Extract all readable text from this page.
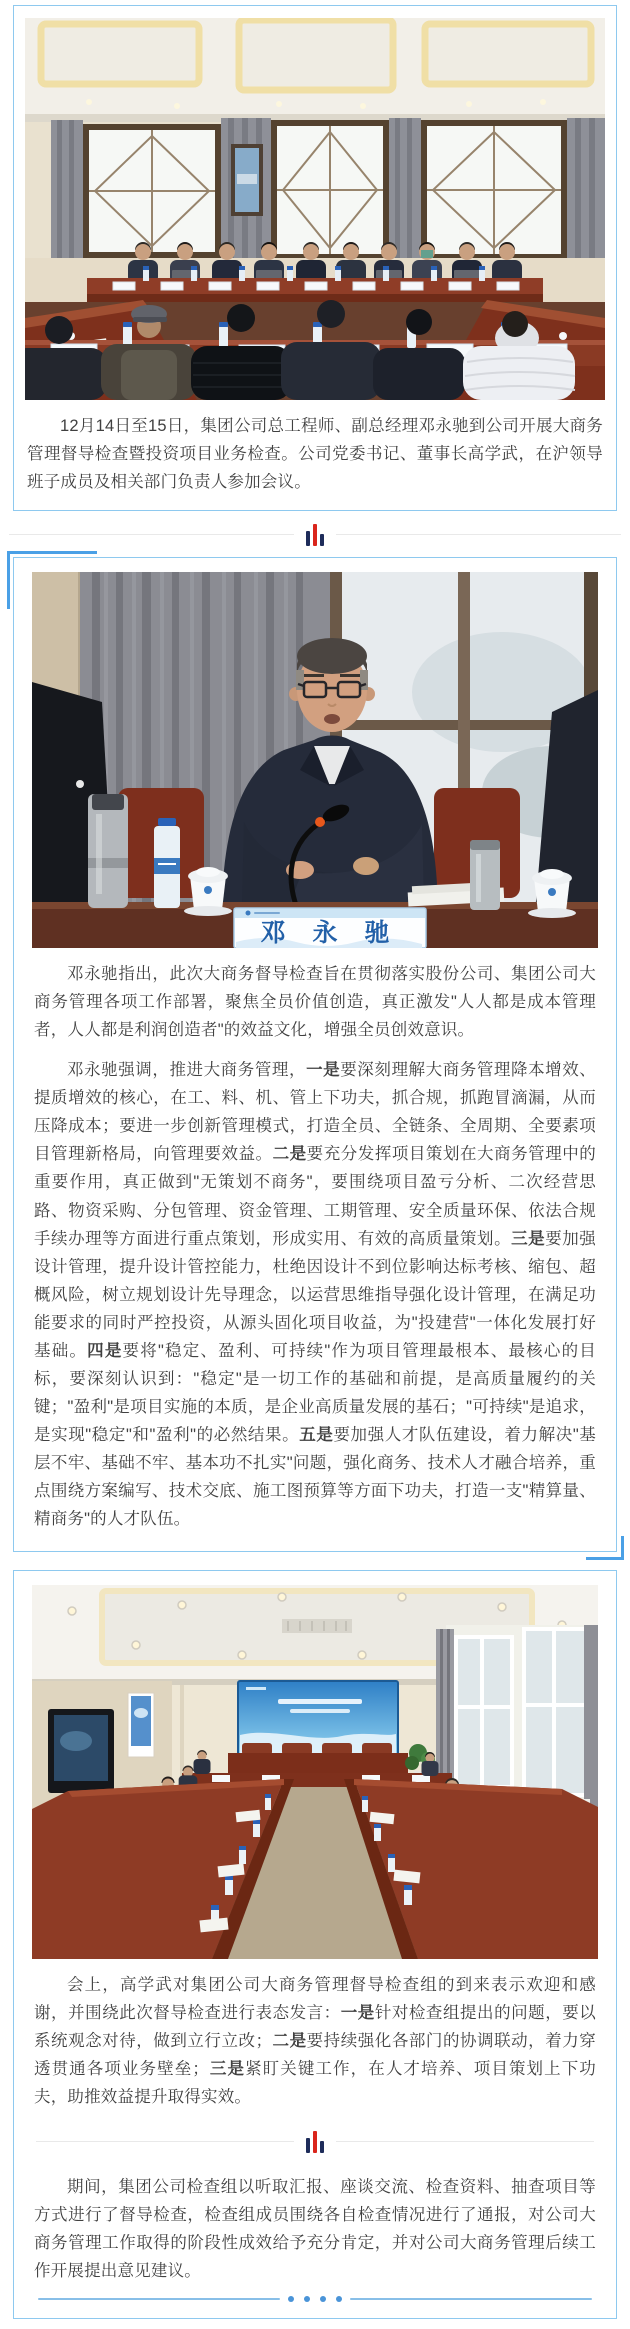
12月14日至15日，集团公司总工程师、副总经理邓永驰到公司开展大商务管理督导检查暨投资项目业务检查。公司党委书记、董事长高学武，在沪领导班子成员及相关部门负责人参加会议。

邓 永 驰

邓永驰指出，此次大商务督导检查旨在贯彻落实股份公司、集团公司大商务管理各项工作部署，聚焦全员价值创造，真正激发"人人都是成本管理者，人人都是利润创造者"的效益文化，增强全员创效意识。

邓永驰强调，推进大商务管理，一是要深刻理解大商务管理降本增效、提质增效的核心，在工、料、机、管上下功夫，抓合规，抓跑冒滴漏，从而压降成本；要进一步创新管理模式，打造全员、全链条、全周期、全要素项目管理新格局，向管理要效益。二是要充分发挥项目策划在大商务管理中的重要作用，真正做到"无策划不商务"，要围绕项目盈亏分析、二次经营思路、物资采购、分包管理、资金管理、工期管理、安全质量环保、依法合规手续办理等方面进行重点策划，形成实用、有效的高质量策划。三是要加强设计管理，提升设计管控能力，杜绝因设计不到位影响达标考核、缩包、超概风险，树立规划设计先导理念，以运营思维指导强化设计管理，在满足功能要求的同时严控投资，从源头固化项目收益，为"投建营"一体化发展打好基础。四是要将"稳定、盈利、可持续"作为项目管理最根本、最核心的目标，要深刻认识到："稳定"是一切工作的基础和前提，是高质量履约的关键；"盈利"是项目实施的本质，是企业高质量发展的基石；"可持续"是追求，是实现"稳定"和"盈利"的必然结果。五是要加强人才队伍建设，着力解决"基层不牢、基础不牢、基本功不扎实"问题，强化商务、技术人才融合培养，重点围绕方案编写、技术交底、施工图预算等方面下功夫，打造一支"精算量、精商务"的人才队伍。

会上，高学武对集团公司大商务管理督导检查组的到来表示欢迎和感谢，并围绕此次督导检查进行表态发言：一是针对检查组提出的问题，要以系统观念对待，做到立行立改；二是要持续强化各部门的协调联动，着力穿透贯通各项业务壁垒；三是紧盯关键工作，在人才培养、项目策划上下功夫，助推效益提升取得实效。

期间，集团公司检查组以听取汇报、座谈交流、检查资料、抽查项目等方式进行了督导检查，检查组成员围绕各自检查情况进行了通报，对公司大商务管理工作取得的阶段性成效给予充分肯定，并对公司大商务管理后续工作开展提出意见建议。
